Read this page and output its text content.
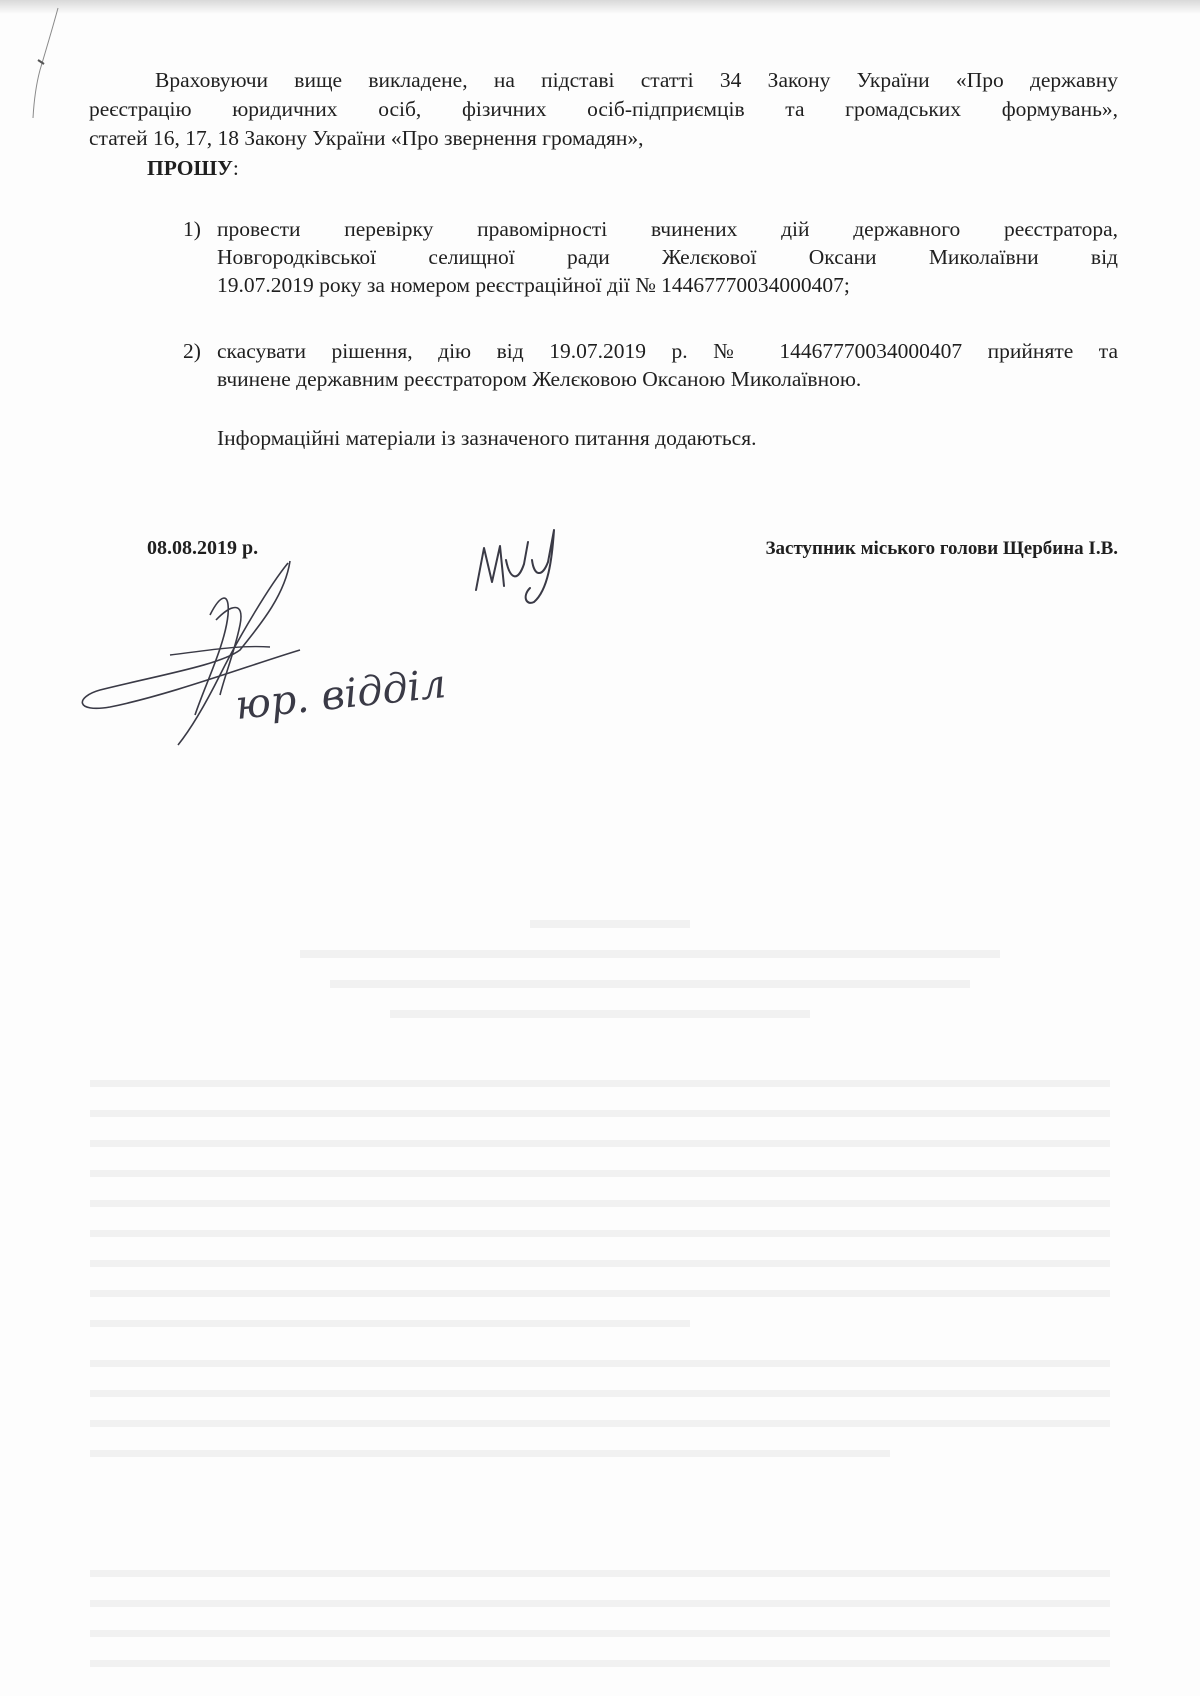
Враховуючи вище викладене, на підставі статті 34 Закону України «Про державну

реєстрацію юридичних осіб, фізичних осіб-підприємців та громадських формувань»,

статей 16, 17, 18 Закону України «Про звернення громадян»,

ПРОШУ:

1) провести перевірку правомірності вчинених дій державного реєстратора,
Новгородківської селищної ради Желєкової Оксани Миколаївни від
19.07.2019 року за номером реєстраційної дії № 14467770034000407;
2) скасувати рішення, дію від 19.07.2019 р. № 14467770034000407 прийняте та
вчинене державним реєстратором Желєковою Оксаною Миколаївною.

Інформаційні матеріали із зазначеного питання додаються.

08.08.2019 р.	Заступник міського голови Щербина І.В.
юр. відділ
